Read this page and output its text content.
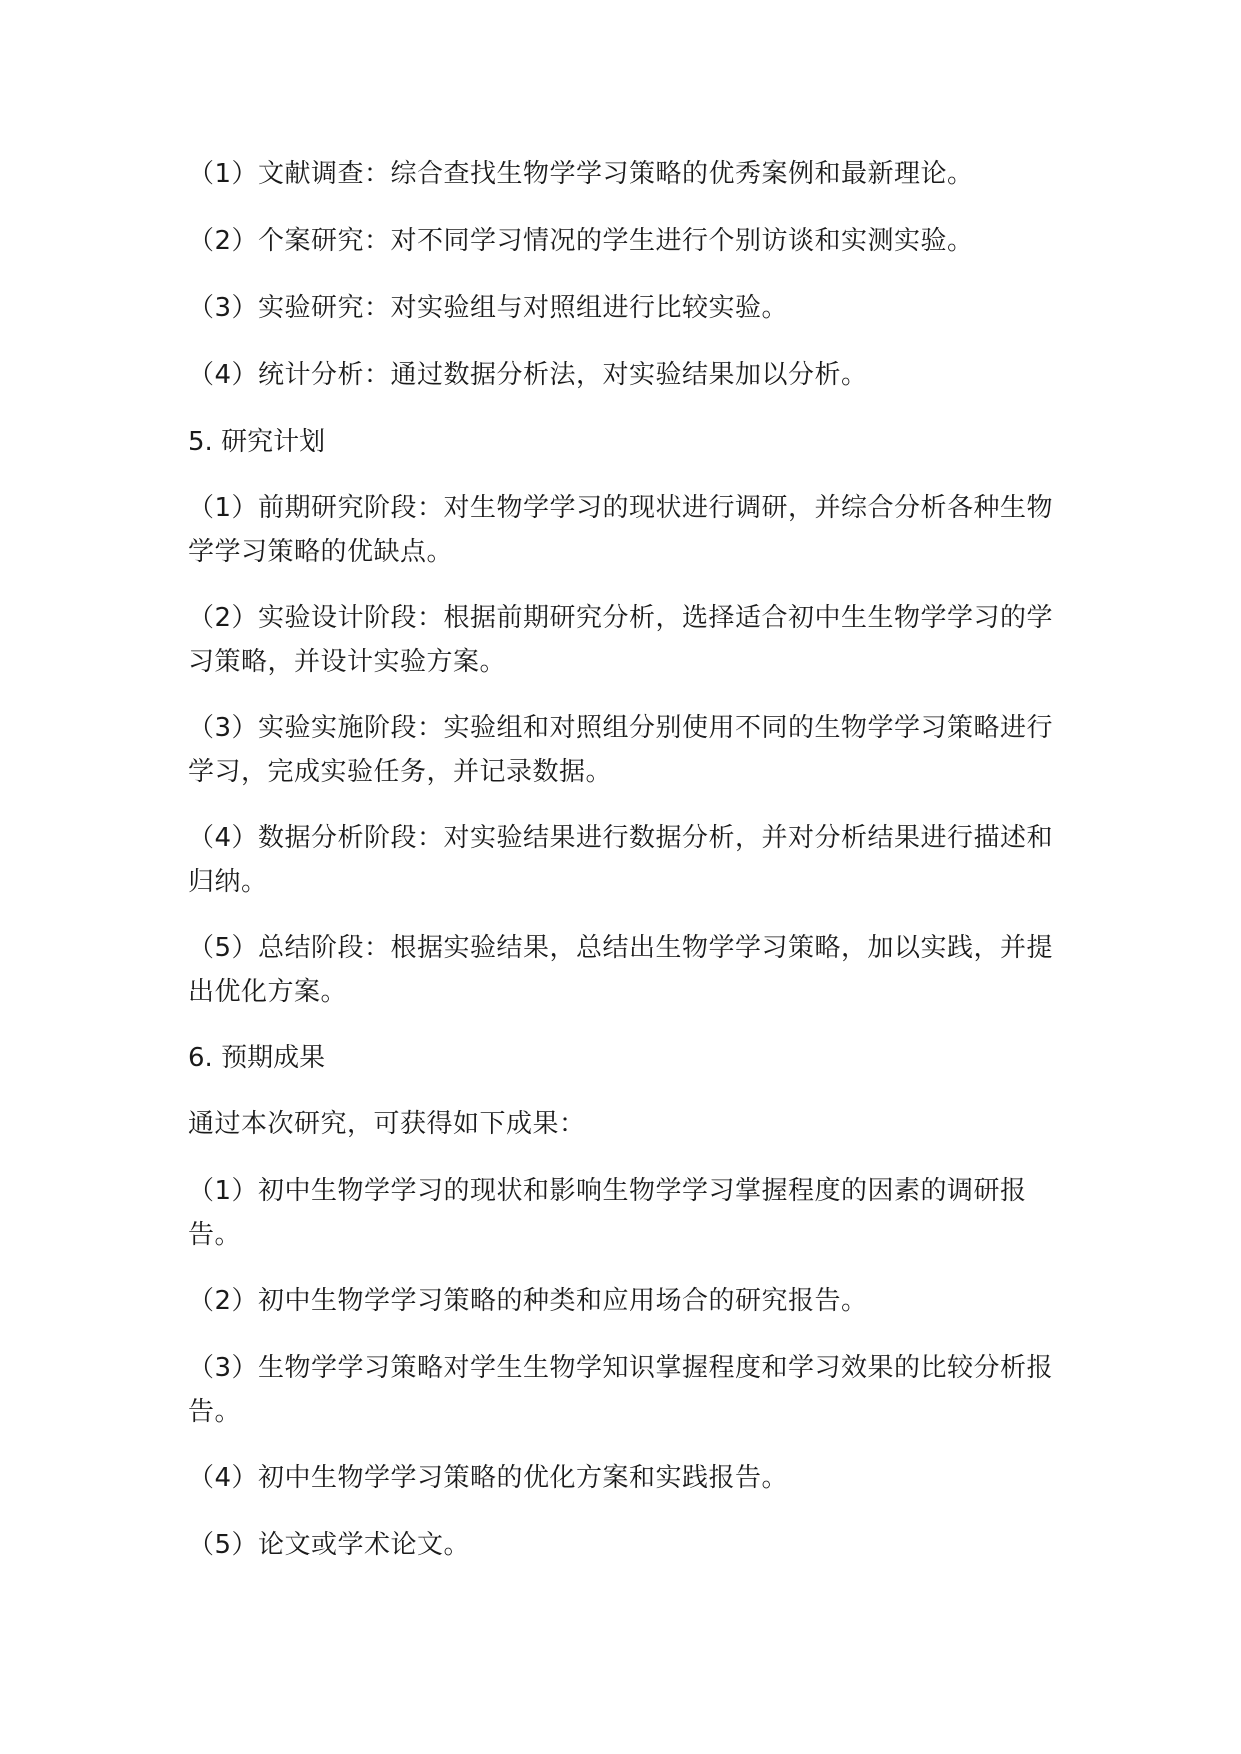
（1）文献调查：综合查找生物学学习策略的优秀案例和最新理论。

（2）个案研究：对不同学习情况的学生进行个别访谈和实测实验。

（3）实验研究：对实验组与对照组进行比较实验。

（4）统计分析：通过数据分析法，对实验结果加以分析。

5. 研究计划

（1）前期研究阶段：对生物学学习的现状进行调研，并综合分析各种生物学学习策略的优缺点。

（2）实验设计阶段：根据前期研究分析，选择适合初中生生物学学习的学习策略，并设计实验方案。

（3）实验实施阶段：实验组和对照组分别使用不同的生物学学习策略进行学习，完成实验任务，并记录数据。

（4）数据分析阶段：对实验结果进行数据分析，并对分析结果进行描述和归纳。

（5）总结阶段：根据实验结果，总结出生物学学习策略，加以实践，并提出优化方案。

6. 预期成果

通过本次研究，可获得如下成果：

（1）初中生物学学习的现状和影响生物学学习掌握程度的因素的调研报告。

（2）初中生物学学习策略的种类和应用场合的研究报告。

（3）生物学学习策略对学生生物学知识掌握程度和学习效果的比较分析报告。

（4）初中生物学学习策略的优化方案和实践报告。

（5）论文或学术论文。
